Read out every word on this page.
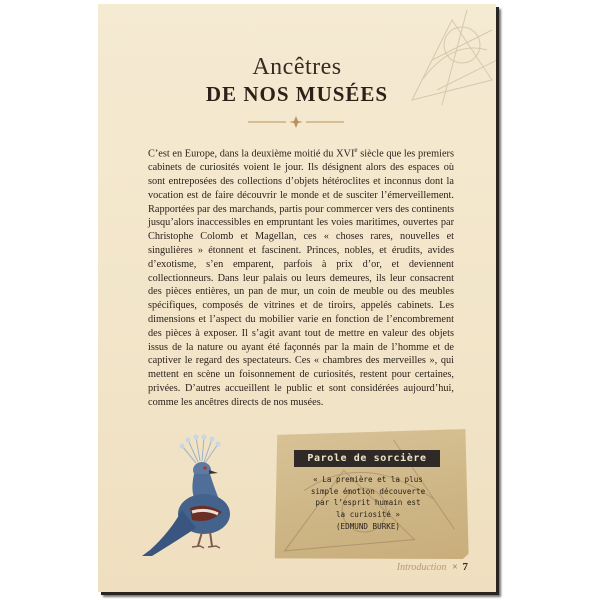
Ancêtres
DE NOS MUSÉES
C’est en Europe, dans la deuxième moitié du XVIe siècle que les premiers cabinets de curiosités voient le jour. Ils désignent alors des espaces où sont entreposées des collections d’objets hétéroclites et inconnus dont la vocation est de faire découvrir le monde et de susciter l’émerveillement. Rapportées par des marchands, partis pour commercer vers des continents jusqu’alors inaccessibles en empruntant les voies maritimes, ouvertes par Christophe Colomb et Magellan, ces « choses rares, nouvelles et singulières » étonnent et fascinent. Princes, nobles, et érudits, avides d’exotisme, s’en emparent, parfois à prix d’or, et deviennent collectionneurs. Dans leur palais ou leurs demeures, ils leur consacrent des pièces entières, un pan de mur, un coin de meuble ou des meubles spécifiques, composés de vitrines et de tiroirs, appelés cabinets. Les dimensions et l’aspect du mobilier varie en fonction de l’encombrement des pièces à exposer. Il s’agit avant tout de mettre en valeur des objets issus de la nature ou ayant été façonnés par la main de l’homme et de captiver le regard des spectateurs. Ces « chambres des merveilles », qui mettent en scène un foisonnement de curiosités, restent pour certaines, privées. D’autres accueillent le public et sont considérées aujourd’hui, comme les ancêtres directs de nos musées.
Parole de sorcière
« La première et la plus
simple émotion découverte
par l’esprit humain est
la curiosité »
(EDMUND BURKE)
Introduction × 7
